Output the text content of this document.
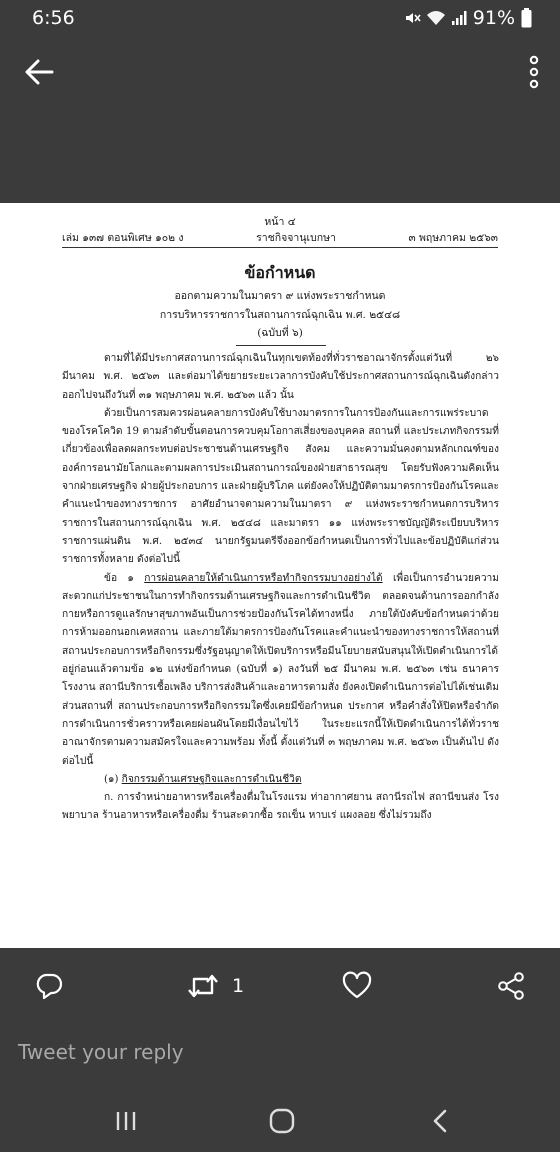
6:56	91%
หน้า ๔
เล่ม ๑๓๗ ตอนพิเศษ ๑๐๒ ง	ราชกิจจานุเบกษา	๓ พฤษภาคม ๒๕๖๓
ข้อกำหนด
ออกตามความในมาตรา ๙ แห่งพระราชกำหนด
การบริหารราชการในสถานการณ์ฉุกเฉิน พ.ศ. ๒๕๔๘
(ฉบับที่ ๖)

ตามที่ได้มีประกาศสถานการณ์ฉุกเฉินในทุกเขตท้องที่ทั่วราชอาณาจักรตั้งแต่วันที่ ๒๖ มีนาคม พ.ศ. ๒๕๖๓ และต่อมาได้ขยายระยะเวลาการบังคับใช้ประกาศสถานการณ์ฉุกเฉินดังกล่าวออกไปจนถึงวันที่ ๓๑ พฤษภาคม พ.ศ. ๒๕๖๓ แล้ว นั้น

ด้วยเป็นการสมควรผ่อนคลายการบังคับใช้บางมาตรการในการป้องกันและการแพร่ระบาดของโรคโควิด 19 ตามลำดับขั้นตอนการควบคุมโอกาสเสี่ยงของบุคคล สถานที่ และประเภทกิจกรรมที่เกี่ยวข้องเพื่อลดผลกระทบต่อประชาชนด้านเศรษฐกิจ สังคม และความมั่นคงตามหลักเกณฑ์ขององค์การอนามัยโลกและตามผลการประเมินสถานการณ์ของฝ่ายสาธารณสุข โดยรับฟังความคิดเห็นจากฝ่ายเศรษฐกิจ ฝ่ายผู้ประกอบการ และฝ่ายผู้บริโภค แต่ยังคงให้ปฏิบัติตามมาตรการป้องกันโรคและคำแนะนำของทางราชการ อาศัยอำนาจตามความในมาตรา ๙ แห่งพระราชกำหนดการบริหารราชการในสถานการณ์ฉุกเฉิน พ.ศ. ๒๕๔๘ และมาตรา ๑๑ แห่งพระราชบัญญัติระเบียบบริหารราชการแผ่นดิน พ.ศ. ๒๕๓๔ นายกรัฐมนตรีจึงออกข้อกำหนดเป็นการทั่วไปและข้อปฏิบัติแก่ส่วนราชการทั้งหลาย ดังต่อไปนี้

ข้อ ๑ การผ่อนคลายให้ดำเนินการหรือทำกิจกรรมบางอย่างได้ เพื่อเป็นการอำนวยความสะดวกแก่ประชาชนในการทำกิจกรรมด้านเศรษฐกิจและการดำเนินชีวิต ตลอดจนด้านการออกกำลังกายหรือการดูแลรักษาสุขภาพอันเป็นการช่วยป้องกันโรคได้ทางหนึ่ง ภายใต้บังคับข้อกำหนดว่าด้วยการห้ามออกนอกเคหสถาน และภายใต้มาตรการป้องกันโรคและคำแนะนำของทางราชการให้สถานที่ สถานประกอบการหรือกิจกรรมซึ่งรัฐอนุญาตให้เปิดบริการหรือมีนโยบายสนับสนุนให้เปิดดำเนินการได้อยู่ก่อนแล้วตามข้อ ๑๒ แห่งข้อกำหนด (ฉบับที่ ๑) ลงวันที่ ๒๕ มีนาคม พ.ศ. ๒๕๖๓ เช่น ธนาคาร โรงงาน สถานีบริการเชื้อเพลิง บริการส่งสินค้าและอาหารตามสั่ง ยังคงเปิดดำเนินการต่อไปได้เช่นเดิม ส่วนสถานที่ สถานประกอบการหรือกิจกรรมใดซึ่งเคยมีข้อกำหนด ประกาศ หรือคำสั่งให้ปิดหรือจำกัดการดำเนินการชั่วคราวหรือเคยผ่อนผันโดยมีเงื่อนไขไว้ ในระยะแรกนี้ให้เปิดดำเนินการได้ทั่วราชอาณาจักรตามความสมัครใจและความพร้อม ทั้งนี้ ตั้งแต่วันที่ ๓ พฤษภาคม พ.ศ. ๒๕๖๓ เป็นต้นไป ดังต่อไปนี้

(๑) กิจกรรมด้านเศรษฐกิจและการดำเนินชีวิต

ก. การจำหน่ายอาหารหรือเครื่องดื่มในโรงแรม ท่าอากาศยาน สถานีรถไฟ สถานีขนส่ง โรงพยาบาล ร้านอาหารหรือเครื่องดื่ม ร้านสะดวกซื้อ รถเข็น หาบเร่ แผงลอย ซึ่งไม่รวมถึง

1
Tweet your reply
